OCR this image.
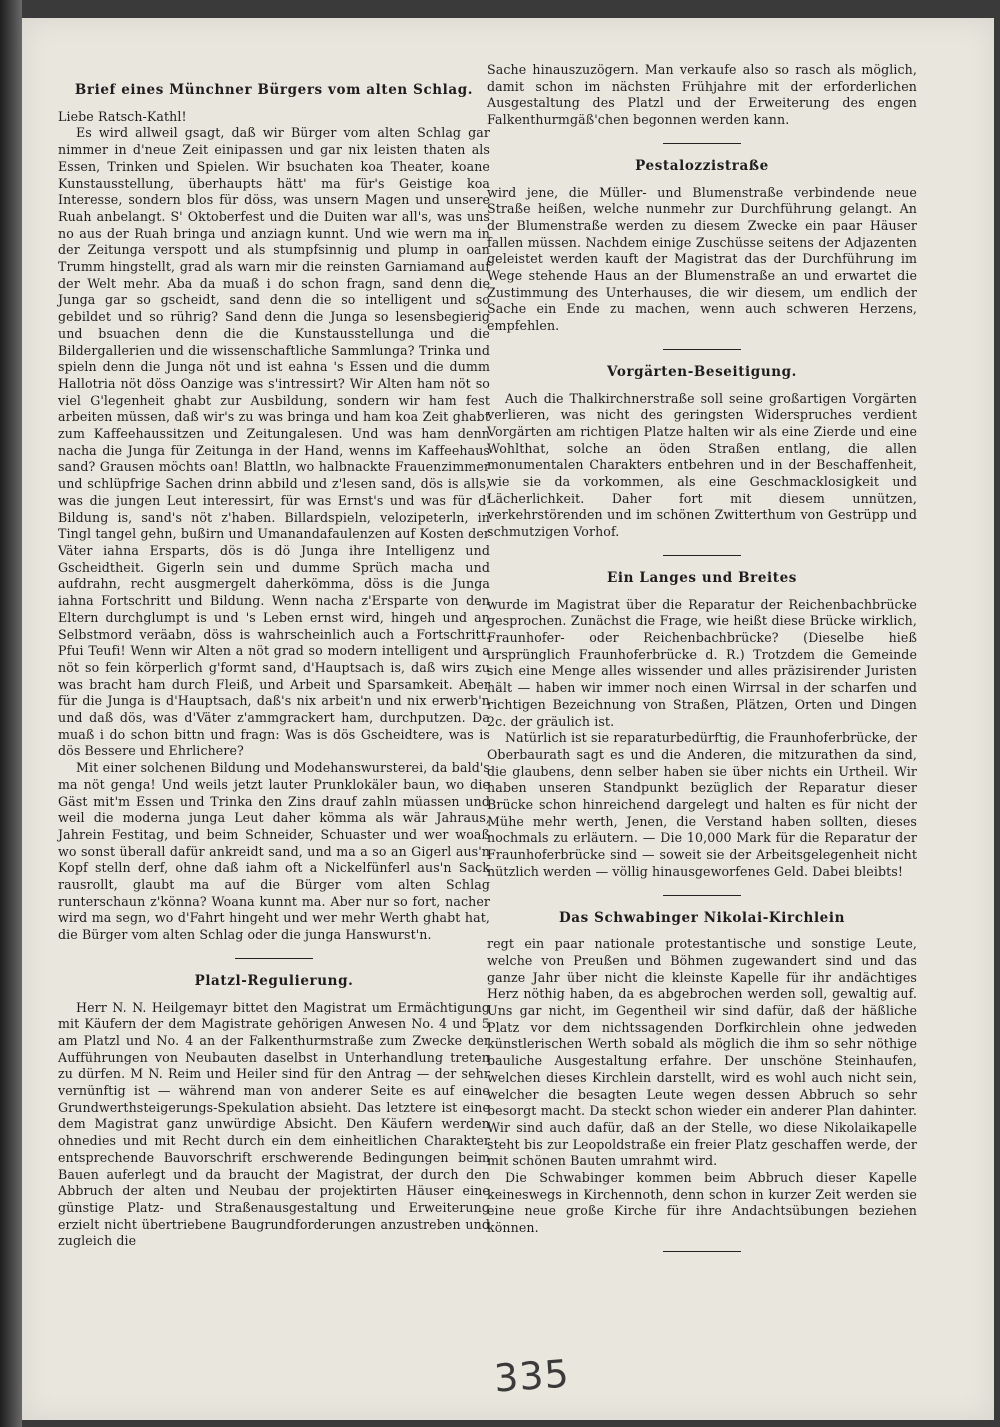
Brief eines Münchner Bürgers vom alten Schlag.

Liebe Ratsch-Kathl!

Es wird allweil gsagt, daß wir Bürger vom alten Schlag gar nimmer in d'neue Zeit einipassen und gar nix leisten thaten als Essen, Trinken und Spielen. Wir bsuchaten koa Theater, koane Kunstausstellung, überhaupts hätt' ma für's Geistige koa Interesse, sondern blos für döss, was unsern Magen und unsere Ruah anbelangt. S' Oktoberfest und die Duiten war all's, was uns no aus der Ruah bringa und anziagn kunnt. Und wie wern ma in der Zeitunga verspott und als stumpfsinnig und plump in oan Trumm hingstellt, grad als warn mir die reinsten Garniamand auf der Welt mehr. Aba da muaß i do schon fragn, sand denn die Junga gar so gscheidt, sand denn die so intelligent und so gebildet und so rührig? Sand denn die Junga so lesensbegierig und bsuachen denn die die Kunstausstellunga und die Bildergallerien und die wissenschaftliche Sammlunga? Trinka und spieln denn die Junga nöt und ist eahna 's Essen und die dumm Hallotria nöt döss Oanzige was s'intressirt? Wir Alten ham nöt so viel G'legenheit ghabt zur Ausbildung, sondern wir ham fest arbeiten müssen, daß wir's zu was bringa und ham koa Zeit ghabt zum Kaffeehaussitzen und Zeitungalesen. Und was ham denn nacha die Junga für Zeitunga in der Hand, wenns im Kaffeehaus sand? Grausen möchts oan! Blattln, wo halbnackte Frauenzimmer und schlüpfrige Sachen drinn abbild und z'lesen sand, dös is alls, was die jungen Leut interessirt, für was Ernst's und was für d' Bildung is, sand's nöt z'haben. Billardspieln, velozipeterln, in Tingl tangel gehn, bußirn und Umanandafaulenzen auf Kosten der Väter iahna Ersparts, dös is dö Junga ihre Intelligenz und Gscheidtheit. Gigerln sein und dumme Sprüch macha und aufdrahn, recht ausgmergelt daherkömma, döss is die Junga iahna Fortschritt und Bildung. Wenn nacha z'Ersparte von den Eltern durchglumpt is und 's Leben ernst wird, hingeh und an Selbstmord veräabn, döss is wahrscheinlich auch a Fortschritt. Pfui Teufi! Wenn wir Alten a nöt grad so modern intelligent und a nöt so fein körperlich g'formt sand, d'Hauptsach is, daß wirs zu was bracht ham durch Fleiß, und Arbeit und Sparsamkeit. Aber für die Junga is d'Hauptsach, daß's nix arbeit'n und nix erwerb'n und daß dös, was d'Väter z'ammgrackert ham, durchputzen. Da muaß i do schon bittn und fragn: Was is dös Gscheidtere, was is dös Bessere und Ehrlichere?

Mit einer solchenen Bildung und Modehanswursterei, da bald's ma nöt genga! Und weils jetzt lauter Prunklokäler baun, wo die Gäst mit'm Essen und Trinka den Zins drauf zahln müassen und weil die moderna junga Leut daher kömma als wär Jahraus, Jahrein Festitag, und beim Schneider, Schuaster und wer woaß wo sonst überall dafür ankreidt sand, und ma a so an Gigerl aus'n Kopf stelln derf, ohne daß iahm oft a Nickelfünferl aus'n Sack rausrollt, glaubt ma auf die Bürger vom alten Schlag runterschaun z'könna? Woana kunnt ma. Aber nur so fort, nacher wird ma segn, wo d'Fahrt hingeht und wer mehr Werth ghabt hat, die Bürger vom alten Schlag oder die junga Hanswurst'n.

Platzl-Regulierung.

Herr N. N. Heilgemayr bittet den Magistrat um Ermächtigung mit Käufern der dem Magistrate gehörigen Anwesen No. 4 und 5 am Platzl und No. 4 an der Falkenthurmstraße zum Zwecke der Aufführungen von Neubauten daselbst in Unterhandlung treten zu dürfen. M N. Reim und Heiler sind für den Antrag — der sehr vernünftig ist — während man von anderer Seite es auf eine Grundwerthsteigerungs-Spekulation absieht. Das letztere ist eine dem Magistrat ganz unwürdige Absicht. Den Käufern werden ohnedies und mit Recht durch ein dem einheitlichen Charakter entsprechende Bauvorschrift erschwerende Bedingungen beim Bauen auferlegt und da braucht der Magistrat, der durch den Abbruch der alten und Neubau der projektirten Häuser eine günstige Platz- und Straßenausgestaltung und Erweiterung erzielt nicht übertriebene Baugrundforderungen anzustreben und zugleich die

Sache hinauszuzögern. Man verkaufe also so rasch als möglich, damit schon im nächsten Frühjahre mit der erforderlichen Ausgestaltung des Platzl und der Erweiterung des engen Falkenthurmgäß'chen begonnen werden kann.

Pestalozzistraße

wird jene, die Müller- und Blumenstraße verbindende neue Straße heißen, welche nunmehr zur Durchführung gelangt. An der Blumenstraße werden zu diesem Zwecke ein paar Häuser fallen müssen. Nachdem einige Zuschüsse seitens der Adjazenten geleistet werden kauft der Magistrat das der Durchführung im Wege stehende Haus an der Blumenstraße an und erwartet die Zustimmung des Unterhauses, die wir diesem, um endlich der Sache ein Ende zu machen, wenn auch schweren Herzens, empfehlen.

Vorgärten-Beseitigung.

Auch die Thalkirchnerstraße soll seine großartigen Vorgärten verlieren, was nicht des geringsten Widerspruches verdient Vorgärten am richtigen Platze halten wir als eine Zierde und eine Wohlthat, solche an öden Straßen entlang, die allen monumentalen Charakters entbehren und in der Beschaffenheit, wie sie da vorkommen, als eine Geschmacklosigkeit und Lächerlichkeit. Daher fort mit diesem unnützen, verkehrstörenden und im schönen Zwitterthum von Gestrüpp und schmutzigen Vorhof.

Ein Langes und Breites

wurde im Magistrat über die Reparatur der Reichenbachbrücke gesprochen. Zunächst die Frage, wie heißt diese Brücke wirklich, Fraunhofer- oder Reichenbachbrücke? (Dieselbe hieß ursprünglich Fraunhoferbrücke d. R.) Trotzdem die Gemeinde sich eine Menge alles wissender und alles präzisirender Juristen hält — haben wir immer noch einen Wirrsal in der scharfen und richtigen Bezeichnung von Straßen, Plätzen, Orten und Dingen 2c. der gräulich ist.

Natürlich ist sie reparaturbedürftig, die Fraunhoferbrücke, der Oberbaurath sagt es und die Anderen, die mitzurathen da sind, die glaubens, denn selber haben sie über nichts ein Urtheil. Wir haben unseren Standpunkt bezüglich der Reparatur dieser Brücke schon hinreichend dargelegt und halten es für nicht der Mühe mehr werth, Jenen, die Verstand haben sollten, dieses nochmals zu erläutern. — Die 10,000 Mark für die Reparatur der Fraunhoferbrücke sind — soweit sie der Arbeitsgelegenheit nicht nützlich werden — völlig hinausgeworfenes Geld. Dabei bleibts!

Das Schwabinger Nikolai-Kirchlein

regt ein paar nationale protestantische und sonstige Leute, welche von Preußen und Böhmen zugewandert sind und das ganze Jahr über nicht die kleinste Kapelle für ihr andächtiges Herz nöthig haben, da es abgebrochen werden soll, gewaltig auf. Uns gar nicht, im Gegentheil wir sind dafür, daß der häßliche Platz vor dem nichtssagenden Dorfkirchlein ohne jedweden künstlerischen Werth sobald als möglich die ihm so sehr nöthige bauliche Ausgestaltung erfahre. Der unschöne Steinhaufen, welchen dieses Kirchlein darstellt, wird es wohl auch nicht sein, welcher die besagten Leute wegen dessen Abbruch so sehr besorgt macht. Da steckt schon wieder ein anderer Plan dahinter. Wir sind auch dafür, daß an der Stelle, wo diese Nikolaikapelle steht bis zur Leopoldstraße ein freier Platz geschaffen werde, der mit schönen Bauten umrahmt wird.

Die Schwabinger kommen beim Abbruch dieser Kapelle keineswegs in Kirchennoth, denn schon in kurzer Zeit werden sie eine neue große Kirche für ihre Andachtsübungen beziehen können.

335
